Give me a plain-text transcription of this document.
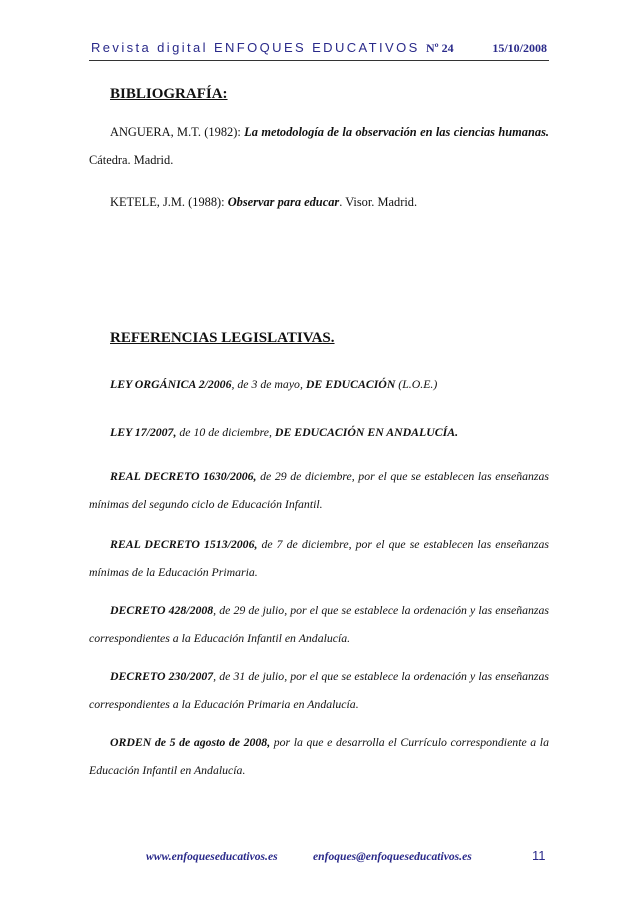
Revista digital ENFOQUES EDUCATIVOS Nº 24	15/10/2008
BIBLIOGRAFÍA:
ANGUERA, M.T. (1982): La metodología de la observación en las ciencias humanas. Cátedra. Madrid.
KETELE, J.M. (1988): Observar para educar. Visor. Madrid.
REFERENCIAS LEGISLATIVAS.
LEY ORGÁNICA 2/2006, de 3 de mayo, DE EDUCACIÓN (L.O.E.)
LEY 17/2007, de 10 de diciembre, DE EDUCACIÓN EN ANDALUCÍA.
REAL DECRETO 1630/2006, de 29 de diciembre, por el que se establecen las enseñanzas mínimas del segundo ciclo de Educación Infantil.
REAL DECRETO 1513/2006, de 7 de diciembre, por el que se establecen las enseñanzas mínimas de la Educación Primaria.
DECRETO 428/2008, de 29 de julio, por el que se establece la ordenación y las enseñanzas correspondientes a la Educación Infantil en Andalucía.
DECRETO 230/2007, de 31 de julio, por el que se establece la ordenación y las enseñanzas correspondientes a la Educación Primaria en Andalucía.
ORDEN de 5 de agosto de 2008, por la que e desarrolla el Currículo correspondiente a la Educación Infantil en Andalucía.
www.enfoqueseducativos.es	enfoques@enfoqueseducativos.es	11
